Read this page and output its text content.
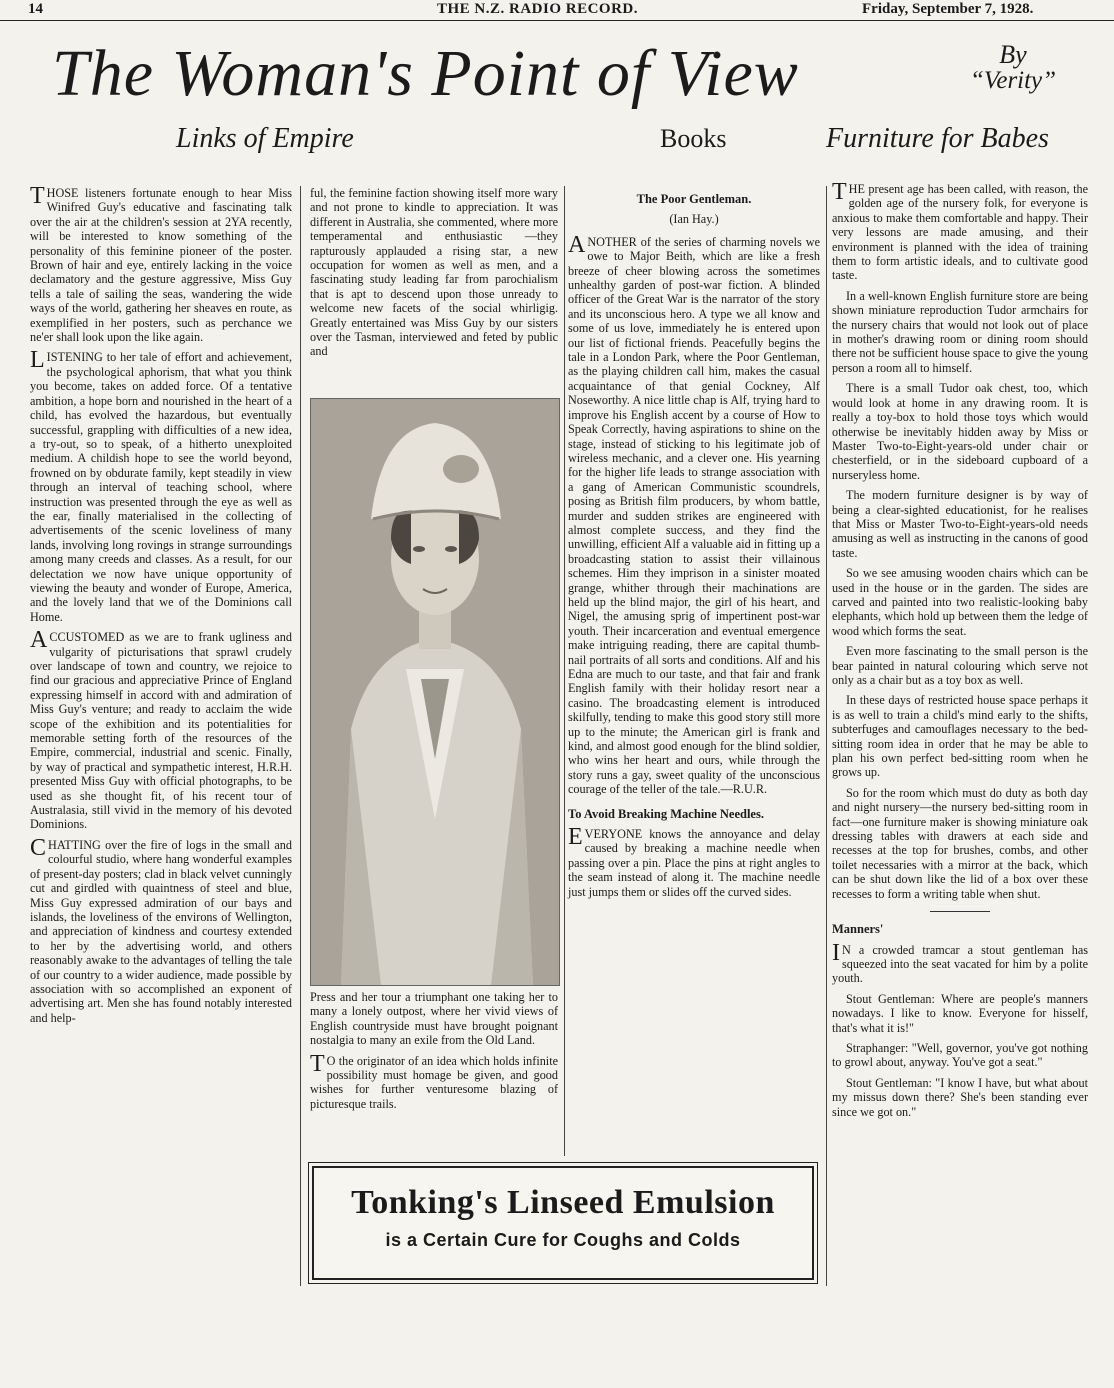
14	THE N.Z. RADIO RECORD.	Friday, September 7, 1928.
The Woman's Point of View	By
“Verity”
Links of Empire	Books	Furniture for Babes

THOSE listeners fortunate enough to hear Miss Winifred Guy's educative and fascinating talk over the air at the children's session at 2YA recently, will be interested to know something of the personality of this feminine pioneer of the poster. Brown of hair and eye, entirely lacking in the voice declamatory and the gesture aggressive, Miss Guy tells a tale of sailing the seas, wandering the wide ways of the world, gathering her sheaves en route, as exemplified in her posters, such as perchance we ne'er shall look upon the like again.

LISTENING to her tale of effort and achievement, the psychological aphorism, that what you think you become, takes on added force. Of a tentative ambition, a hope born and nourished in the heart of a child, has evolved the hazardous, but eventually successful, grappling with difficulties of a new idea, a try-out, so to speak, of a hitherto unexploited medium. A childish hope to see the world beyond, frowned on by obdurate family, kept steadily in view through an interval of teaching school, where instruction was presented through the eye as well as the ear, finally materialised in the collecting of advertisements of the scenic loveliness of many lands, involving long rovings in strange surroundings among many creeds and classes. As a result, for our delectation we now have unique opportunity of viewing the beauty and wonder of Europe, America, and the lovely land that we of the Dominions call Home.

ACCUSTOMED as we are to frank ugliness and vulgarity of picturisations that sprawl crudely over landscape of town and country, we rejoice to find our gracious and appreciative Prince of England expressing himself in accord with and admiration of Miss Guy's venture; and ready to acclaim the wide scope of the exhibition and its potentialities for memorable setting forth of the resources of the Empire, commercial, industrial and scenic. Finally, by way of practical and sympathetic interest, H.R.H. presented Miss Guy with official photographs, to be used as she thought fit, of his recent tour of Australasia, still vivid in the memory of his devoted Dominions.

CHATTING over the fire of logs in the small and colourful studio, where hang wonderful examples of present-day posters; clad in black velvet cunningly cut and girdled with quaintness of steel and blue, Miss Guy expressed admiration of our bays and islands, the loveliness of the environs of Wellington, and appreciation of kindness and courtesy extended to her by the advertising world, and others reasonably awake to the advantages of telling the tale of our country to a wider audience, made possible by association with so accomplished an exponent of advertising art. Men she has found notably interested and help-

ful, the feminine faction showing itself more wary and not prone to kindle to appreciation. It was different in Australia, she commented, where more temperamental and enthusiastic —they rapturously applauded a rising star, a new occupation for women as well as men, and a fascinating study leading far from parochialism that is apt to descend upon those unready to welcome new facets of the social whirligig. Greatly entertained was Miss Guy by our sisters over the Tasman, interviewed and feted by public and

Press and her tour a triumphant one taking her to many a lonely outpost, where her vivid views of English countryside must have brought poignant nostalgia to many an exile from the Old Land.

T O the originator of an idea which holds infinite possibility must homage be given, and good wishes for further venturesome blazing of picturesque trails.

The Poor Gentleman.
(Ian Hay.)

ANOTHER of the series of charming novels we owe to Major Beith, which are like a fresh breeze of cheer blowing across the sometimes unhealthy garden of post-war fiction. A blinded officer of the Great War is the narrator of the story and its unconscious hero. A type we all know and some of us love, immediately he is entered upon our list of fictional friends. Peacefully begins the tale in a London Park, where the Poor Gentleman, as the playing children call him, makes the casual acquaintance of that genial Cockney, Alf Noseworthy. A nice little chap is Alf, trying hard to improve his English accent by a course of How to Speak Correctly, having aspirations to shine on the stage, instead of sticking to his legitimate job of wireless mechanic, and a clever one. His yearning for the higher life leads to strange association with a gang of American Communistic scoundrels, posing as British film producers, by whom battle, murder and sudden strikes are engineered with almost complete success, and they find the unwilling, efficient Alf a valuable aid in fitting up a broadcasting station to assist their villainous schemes. Him they imprison in a sinister moated grange, whither through their machinations are held up the blind major, the girl of his heart, and Nigel, the amusing sprig of impertinent post-war youth. Their incarceration and eventual emergence make intriguing reading, there are capital thumb-nail portraits of all sorts and conditions. Alf and his Edna are much to our taste, and that fair and frank English family with their holiday resort near a casino. The broadcasting element is introduced skilfully, tending to make this good story still more up to the minute; the American girl is frank and kind, and almost good enough for the blind soldier, who wins her heart and ours, while through the story runs a gay, sweet quality of the unconscious courage of the teller of the tale.—R.U.R.

To Avoid Breaking Machine Needles.

EVERYONE knows the annoyance and delay caused by breaking a machine needle when passing over a pin. Place the pins at right angles to the seam instead of along it. The machine needle just jumps them or slides off the curved sides.

THE present age has been called, with reason, the golden age of the nursery folk, for everyone is anxious to make them comfortable and happy. Their very lessons are made amusing, and their environment is planned with the idea of training them to form artistic ideals, and to cultivate good taste.

In a well-known English furniture store are being shown miniature reproduction Tudor armchairs for the nursery chairs that would not look out of place in mother's drawing room or dining room should there not be sufficient house space to give the young person a room all to himself.

There is a small Tudor oak chest, too, which would look at home in any drawing room. It is really a toy-box to hold those toys which would otherwise be inevitably hidden away by Miss or Master Two-to-Eight-years-old under chair or chesterfield, or in the sideboard cupboard of a nurseryless home.

The modern furniture designer is by way of being a clear-sighted educationist, for he realises that Miss or Master Two-to-Eight-years-old needs amusing as well as instructing in the canons of good taste.

So we see amusing wooden chairs which can be used in the house or in the garden. The sides are carved and painted into two realistic-looking baby elephants, which hold up between them the ledge of wood which forms the seat.

Even more fascinating to the small person is the bear painted in natural colouring which serve not only as a chair but as a toy box as well.

In these days of restricted house space perhaps it is as well to train a child's mind early to the shifts, subterfuges and camouflages necessary to the bed-sitting room idea in order that he may be able to plan his own perfect bed-sitting room when he grows up.

So for the room which must do duty as both day and night nursery—the nursery bed-sitting room in fact—one furniture maker is showing miniature oak dressing tables with drawers at each side and recesses at the top for brushes, combs, and other toilet necessaries with a mirror at the back, which can be shut down like the lid of a box over these recesses to form a writing table when shut.

Manners'

I N a crowded tramcar a stout gentleman has squeezed into the seat vacated for him by a polite youth.

Stout Gentleman: Where are people's manners nowadays. I like to know. Everyone for hisself, that's what it is!"

Straphanger: "Well, governor, you've got nothing to growl about, anyway. You've got a seat."

Stout Gentleman: "I know I have, but what about my missus down there? She's been standing ever since we got on."

Tonking's Linseed Emulsion
is a Certain Cure for Coughs and Colds
